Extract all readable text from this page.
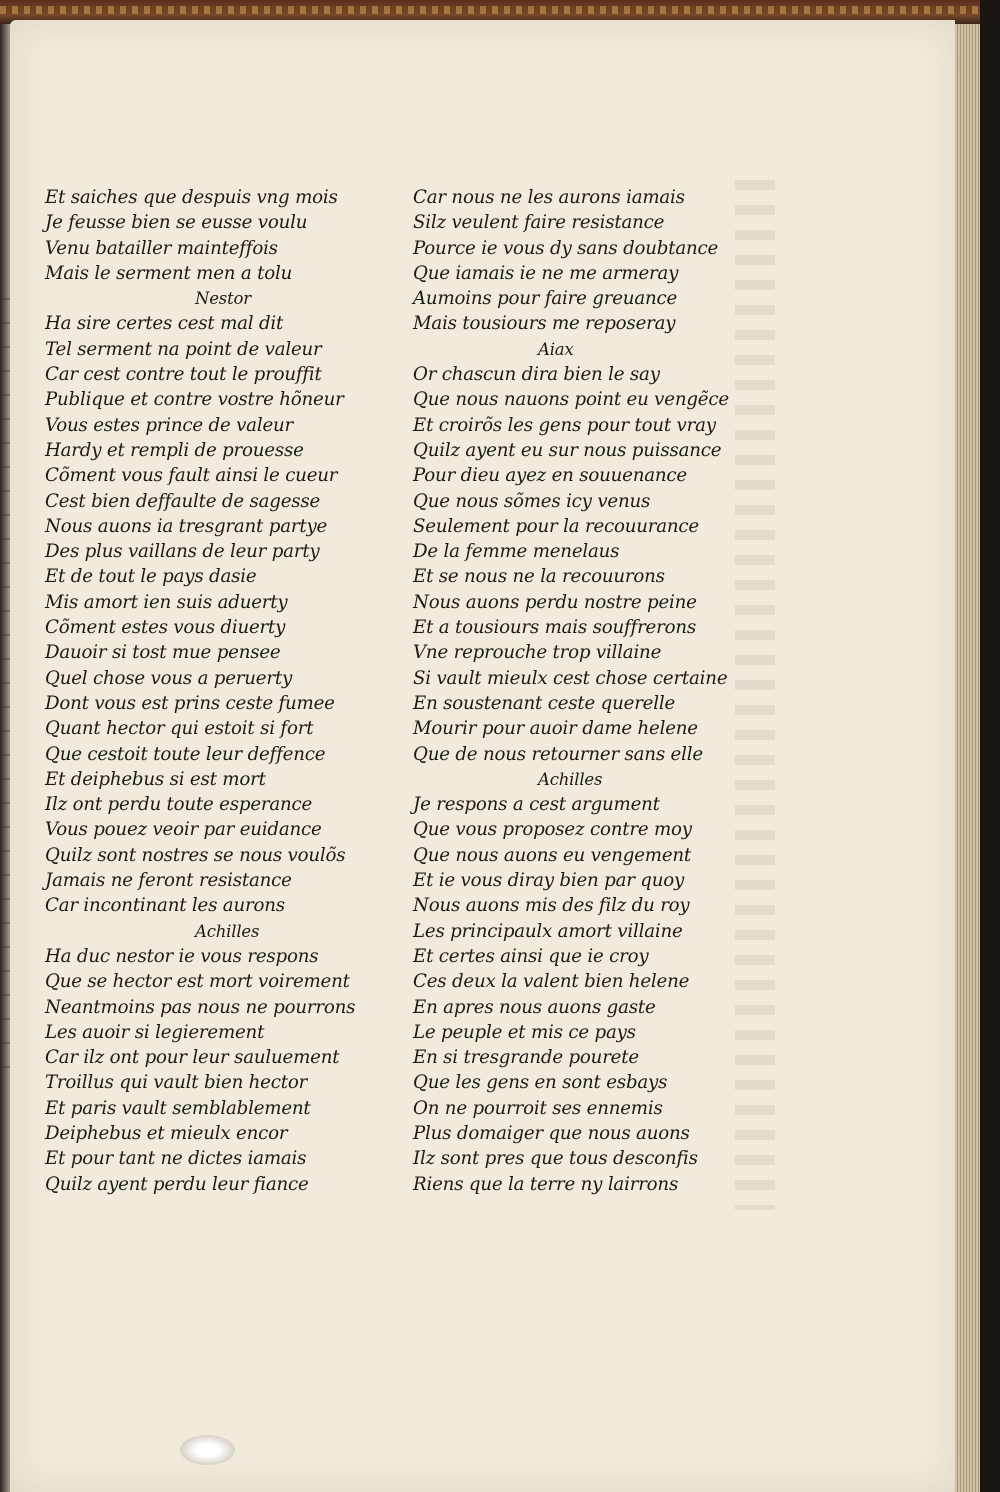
Et saiches que despuis vng mois
Je feusse bien se eusse voulu
Venu batailler mainteffois
Mais le serment men a tolu
Nestor
Ha sire certes cest mal dit
Tel serment na point de valeur
Car cest contre tout le prouffit
Publique et contre vostre hõneur
Vous estes prince de valeur
Hardy et rempli de prouesse
Cõment vous fault ainsi le cueur
Cest bien deffaulte de sagesse
Nous auons ia tresgrant partye
Des plus vaillans de leur party
Et de tout le pays dasie
Mis amort ien suis aduerty
Cõment estes vous diuerty
Dauoir si tost mue pensee
Quel chose vous a peruerty
Dont vous est prins ceste fumee
Quant hector qui estoit si fort
Que cestoit toute leur deffence
Et deiphebus si est mort
Ilz ont perdu toute esperance
Vous pouez veoir par euidance
Quilz sont nostres se nous voulõs
Jamais ne feront resistance
Car incontinant les aurons
Achilles
Ha duc nestor ie vous respons
Que se hector est mort voirement
Neantmoins pas nous ne pourrons
Les auoir si legierement
Car ilz ont pour leur sauluement
Troillus qui vault bien hector
Et paris vault semblablement
Deiphebus et mieulx encor
Et pour tant ne dictes iamais
Quilz ayent perdu leur fiance
Car nous ne les aurons iamais
Silz veulent faire resistance
Pource ie vous dy sans doubtance
Que iamais ie ne me armeray
Aumoins pour faire greuance
Mais tousiours me reposeray
Aiax
Or chascun dira bien le say
Que nous nauons point eu vengẽce
Et croirõs les gens pour tout vray
Quilz ayent eu sur nous puissance
Pour dieu ayez en souuenance
Que nous sõmes icy venus
Seulement pour la recouurance
De la femme menelaus
Et se nous ne la recouurons
Nous auons perdu nostre peine
Et a tousiours mais souffrerons
Vne reprouche trop villaine
Si vault mieulx cest chose certaine
En soustenant ceste querelle
Mourir pour auoir dame helene
Que de nous retourner sans elle
Achilles
Je respons a cest argument
Que vous proposez contre moy
Que nous auons eu vengement
Et ie vous diray bien par quoy
Nous auons mis des filz du roy
Les principaulx amort villaine
Et certes ainsi que ie croy
Ces deux la valent bien helene
En apres nous auons gaste
Le peuple et mis ce pays
En si tresgrande pourete
Que les gens en sont esbays
On ne pourroit ses ennemis
Plus domaiger que nous auons
Ilz sont pres que tous desconfis
Riens que la terre ny lairrons
